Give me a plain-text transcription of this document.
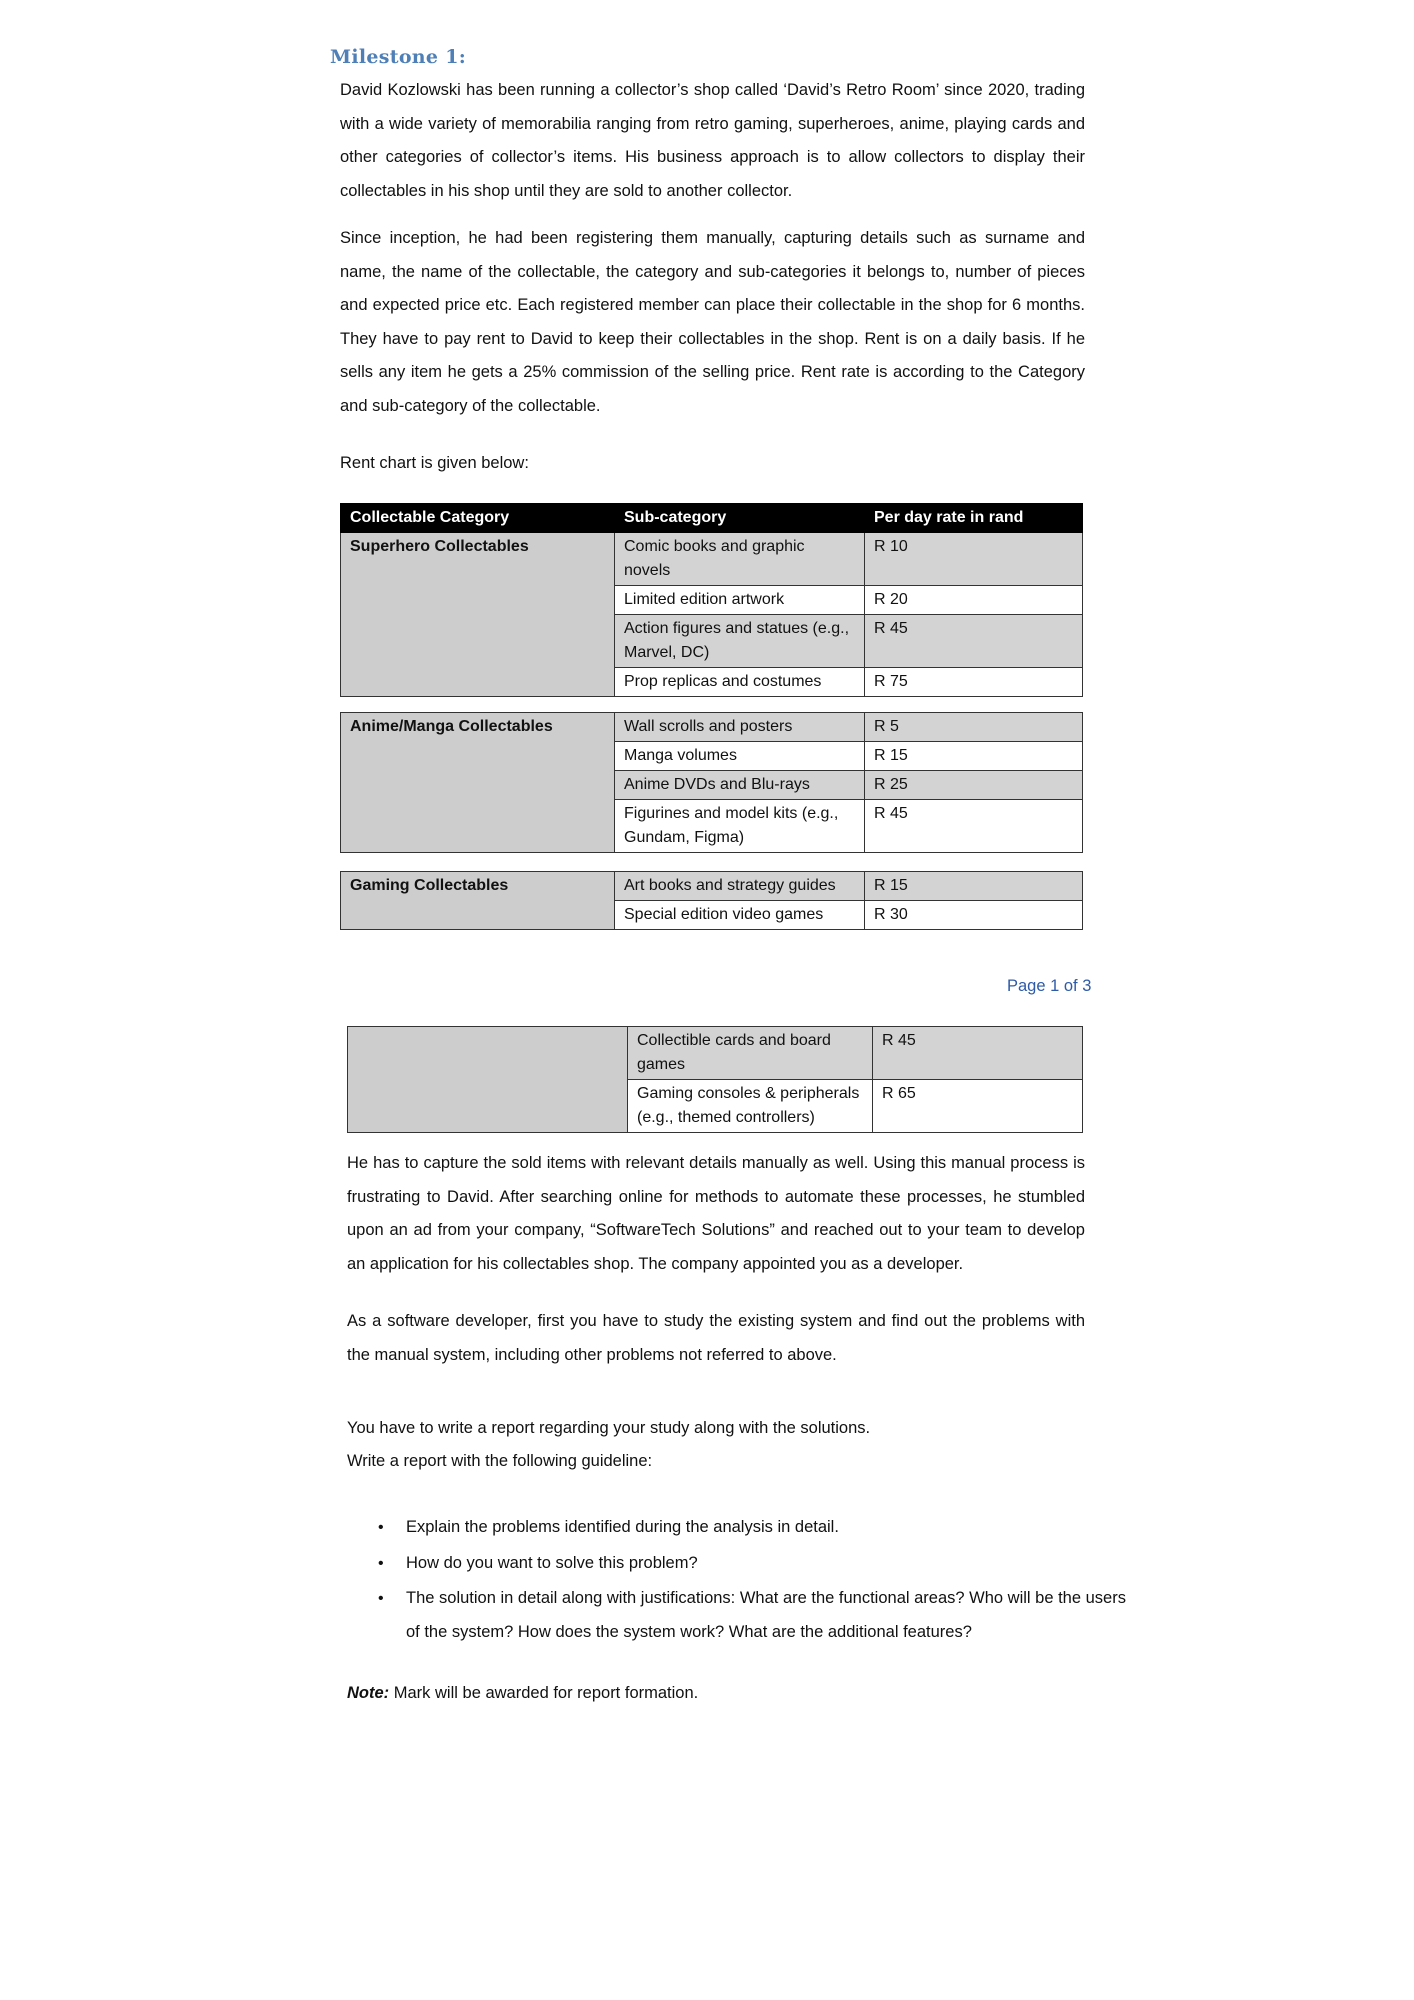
Milestone 1:

David Kozlowski has been running a collector’s shop called ‘David’s Retro Room’ since 2020, trading with a wide variety of memorabilia ranging from retro gaming, superheroes, anime, playing cards and other categories of collector’s items. His business approach is to allow collectors to display their collectables in his shop until they are sold to another collector.

Since inception, he had been registering them manually, capturing details such as surname and name, the name of the collectable, the category and sub-categories it belongs to, number of pieces and expected price etc. Each registered member can place their collectable in the shop for 6 months. They have to pay rent to David to keep their collectables in the shop. Rent is on a daily basis. If he sells any item he gets a 25% commission of the selling price. Rent rate is according to the Category and sub-category of the collectable.

Rent chart is given below:

Collectable Category	Sub-category	Per day rate in rand
Superhero Collectables	Comic books and graphic novels	R 10
	Limited edition artwork	R 20
	Action figures and statues (e.g., Marvel, DC)	R 45
	Prop replicas and costumes	R 75
Anime/Manga Collectables	Wall scrolls and posters	R 5
	Manga volumes	R 15
	Anime DVDs and Blu-rays	R 25
	Figurines and model kits (e.g., Gundam, Figma)	R 45
Gaming Collectables	Art books and strategy guides	R 15
	Special edition video games	R 30
Page 1 of 3
	Collectible cards and board games	R 45
	Gaming consoles & peripherals (e.g., themed controllers)	R 65

He has to capture the sold items with relevant details manually as well. Using this manual process is frustrating to David. After searching online for methods to automate these processes, he stumbled upon an ad from your company, “SoftwareTech Solutions” and reached out to your team to develop an application for his collectables shop. The company appointed you as a developer.

As a software developer, first you have to study the existing system and find out the problems with the manual system, including other problems not referred to above.

You have to write a report regarding your study along with the solutions.

Write a report with the following guideline:

• Explain the problems identified during the analysis in detail.
• How do you want to solve this problem?
• The solution in detail along with justifications: What are the functional areas? Who will be the users of the system? How does the system work? What are the additional features?
Note: Mark will be awarded for report formation.
